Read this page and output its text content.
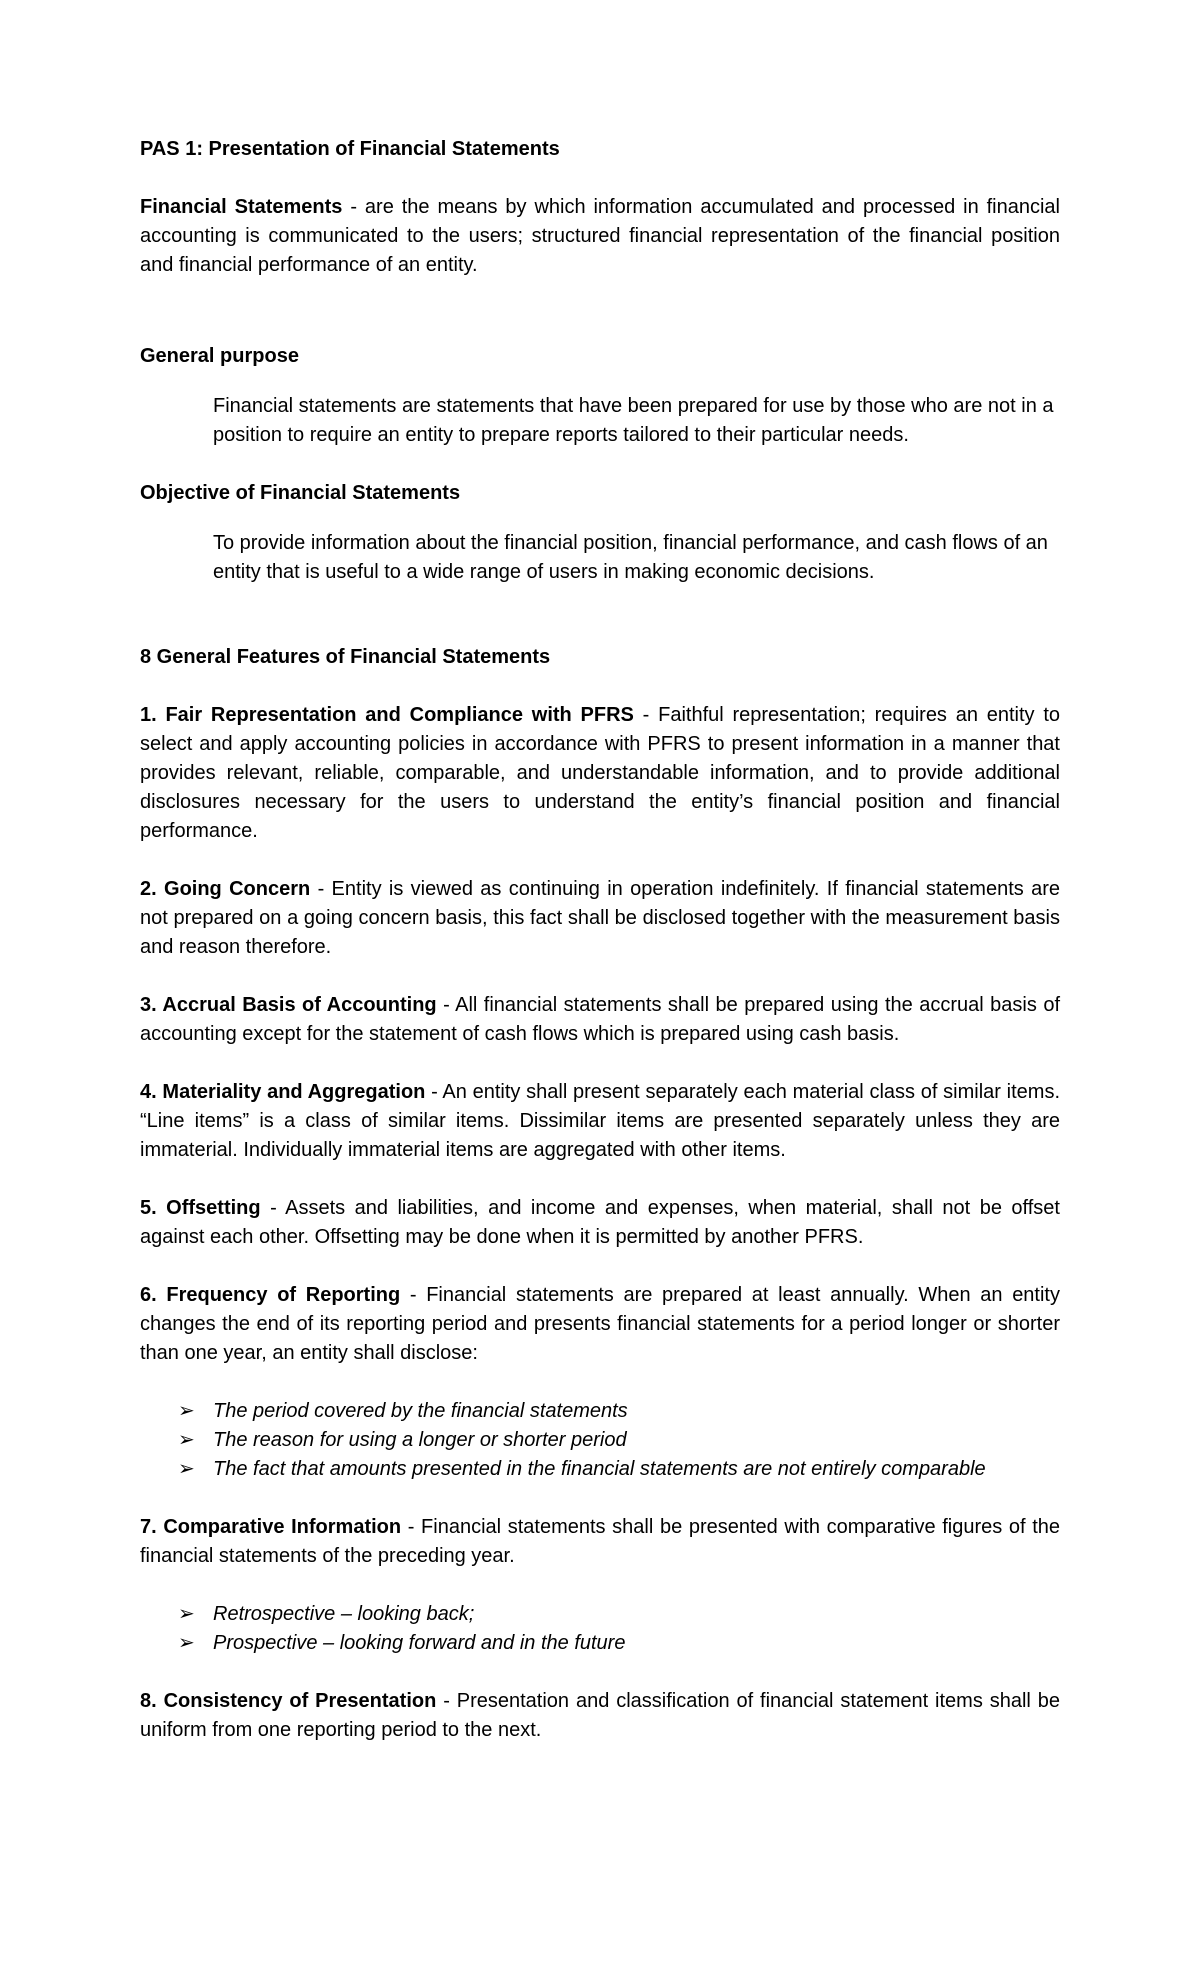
PAS 1: Presentation of Financial Statements

Financial Statements - are the means by which information accumulated and processed in financial accounting is communicated to the users; structured financial representation of the financial position and financial performance of an entity.

General purpose

Financial statements are statements that have been prepared for use by those who are not in a position to require an entity to prepare reports tailored to their particular needs.

Objective of Financial Statements

To provide information about the financial position, financial performance, and cash flows of an entity that is useful to a wide range of users in making economic decisions.

8 General Features of Financial Statements

1. Fair Representation and Compliance with PFRS - Faithful representation; requires an entity to select and apply accounting policies in accordance with PFRS to present information in a manner that provides relevant, reliable, comparable, and understandable information, and to provide additional disclosures necessary for the users to understand the entity’s financial position and financial performance.

2. Going Concern - Entity is viewed as continuing in operation indefinitely. If financial statements are not prepared on a going concern basis, this fact shall be disclosed together with the measurement basis and reason therefore.

3. Accrual Basis of Accounting - All financial statements shall be prepared using the accrual basis of accounting except for the statement of cash flows which is prepared using cash basis.

4. Materiality and Aggregation - An entity shall present separately each material class of similar items. “Line items” is a class of similar items. Dissimilar items are presented separately unless they are immaterial. Individually immaterial items are aggregated with other items.

5. Offsetting - Assets and liabilities, and income and expenses, when material, shall not be offset against each other. Offsetting may be done when it is permitted by another PFRS.

6. Frequency of Reporting - Financial statements are prepared at least annually. When an entity changes the end of its reporting period and presents financial statements for a period longer or shorter than one year, an entity shall disclose:

➢ The period covered by the financial statements
➢ The reason for using a longer or shorter period
➢ The fact that amounts presented in the financial statements are not entirely comparable

7. Comparative Information - Financial statements shall be presented with comparative figures of the financial statements of the preceding year.

➢ Retrospective – looking back;
➢ Prospective – looking forward and in the future

8. Consistency of Presentation - Presentation and classification of financial statement items shall be uniform from one reporting period to the next.
